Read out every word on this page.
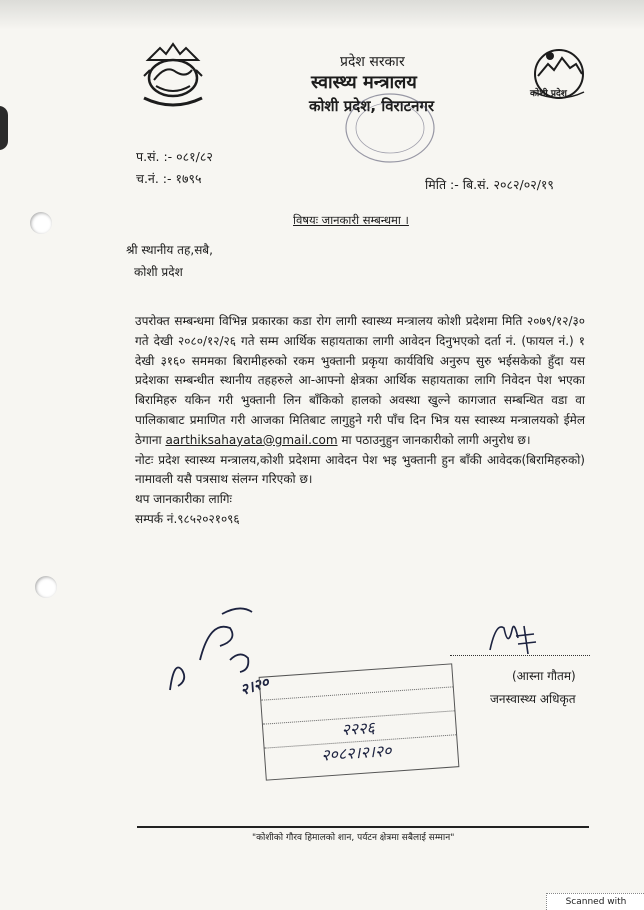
कोशी प्रदेश
प्रदेश सरकार
स्वास्थ्य मन्त्रालय
कोशी प्रदेश, विराटनगर
प.सं. :- ०८१/८२
च.नं. :- १७९५	मिति :- बि.सं. २०८२/०२/१९
विषयः जानकारी सम्बन्धमा ।
श्री स्थानीय तह,सबै,
कोशी प्रदेश

उपरोक्त सम्बन्धमा विभिन्न प्रकारका कडा रोग लागी स्वास्थ्य मन्त्रालय कोशी प्रदेशमा मिति २०७९/१२/३० गते देखी २०८०/१२/२६ गते सम्म आर्थिक सहायताका लागी आवेदन दिनुभएको दर्ता नं. (फायल नं.) १ देखी ३१६० सममका बिरामीहरुको रकम भुक्तानी प्रकृया कार्यविधि अनुरुप सुरु भईसकेको हुँदा यस प्रदेशका सम्बन्धीत स्थानीय तहहरुले आ-आफ्नो क्षेत्रका आर्थिक सहायताका लागि निवेदन पेश भएका बिरामिहरु यकिन गरी भुक्तानी लिन बाँकिको हालको अवस्था खुल्ने कागजात सम्बन्धित वडा वा पालिकाबाट प्रमाणित गरी आजका मितिबाट लागुहुने गरी पाँच दिन भित्र यस स्वास्थ्य मन्त्रालयको ईमेल ठेगाना aarthiksahayata@gmail.com मा पठाउनुहुन जानकारीको लागी अनुरोध छ।

नोटः प्रदेश स्वास्थ्य मन्त्रालय,कोशी प्रदेशमा आवेदन पेश भइ भुक्तानी हुन बाँकी आवेदक(बिरामिहरुको) नामावली यसै पत्रसाथ संलग्न गरिएको छ।

थप जानकारीका लागिः

सम्पर्क नं.९८५२०२१०९६

(आस्ना गौतम)
जनस्वास्थ्य अधिकृत
२।२०
२२२६
२०८२।२।२०
"कोशीको गौरव हिमालको शान, पर्यटन क्षेत्रमा सबैलाई सम्मान"
Scanned with
